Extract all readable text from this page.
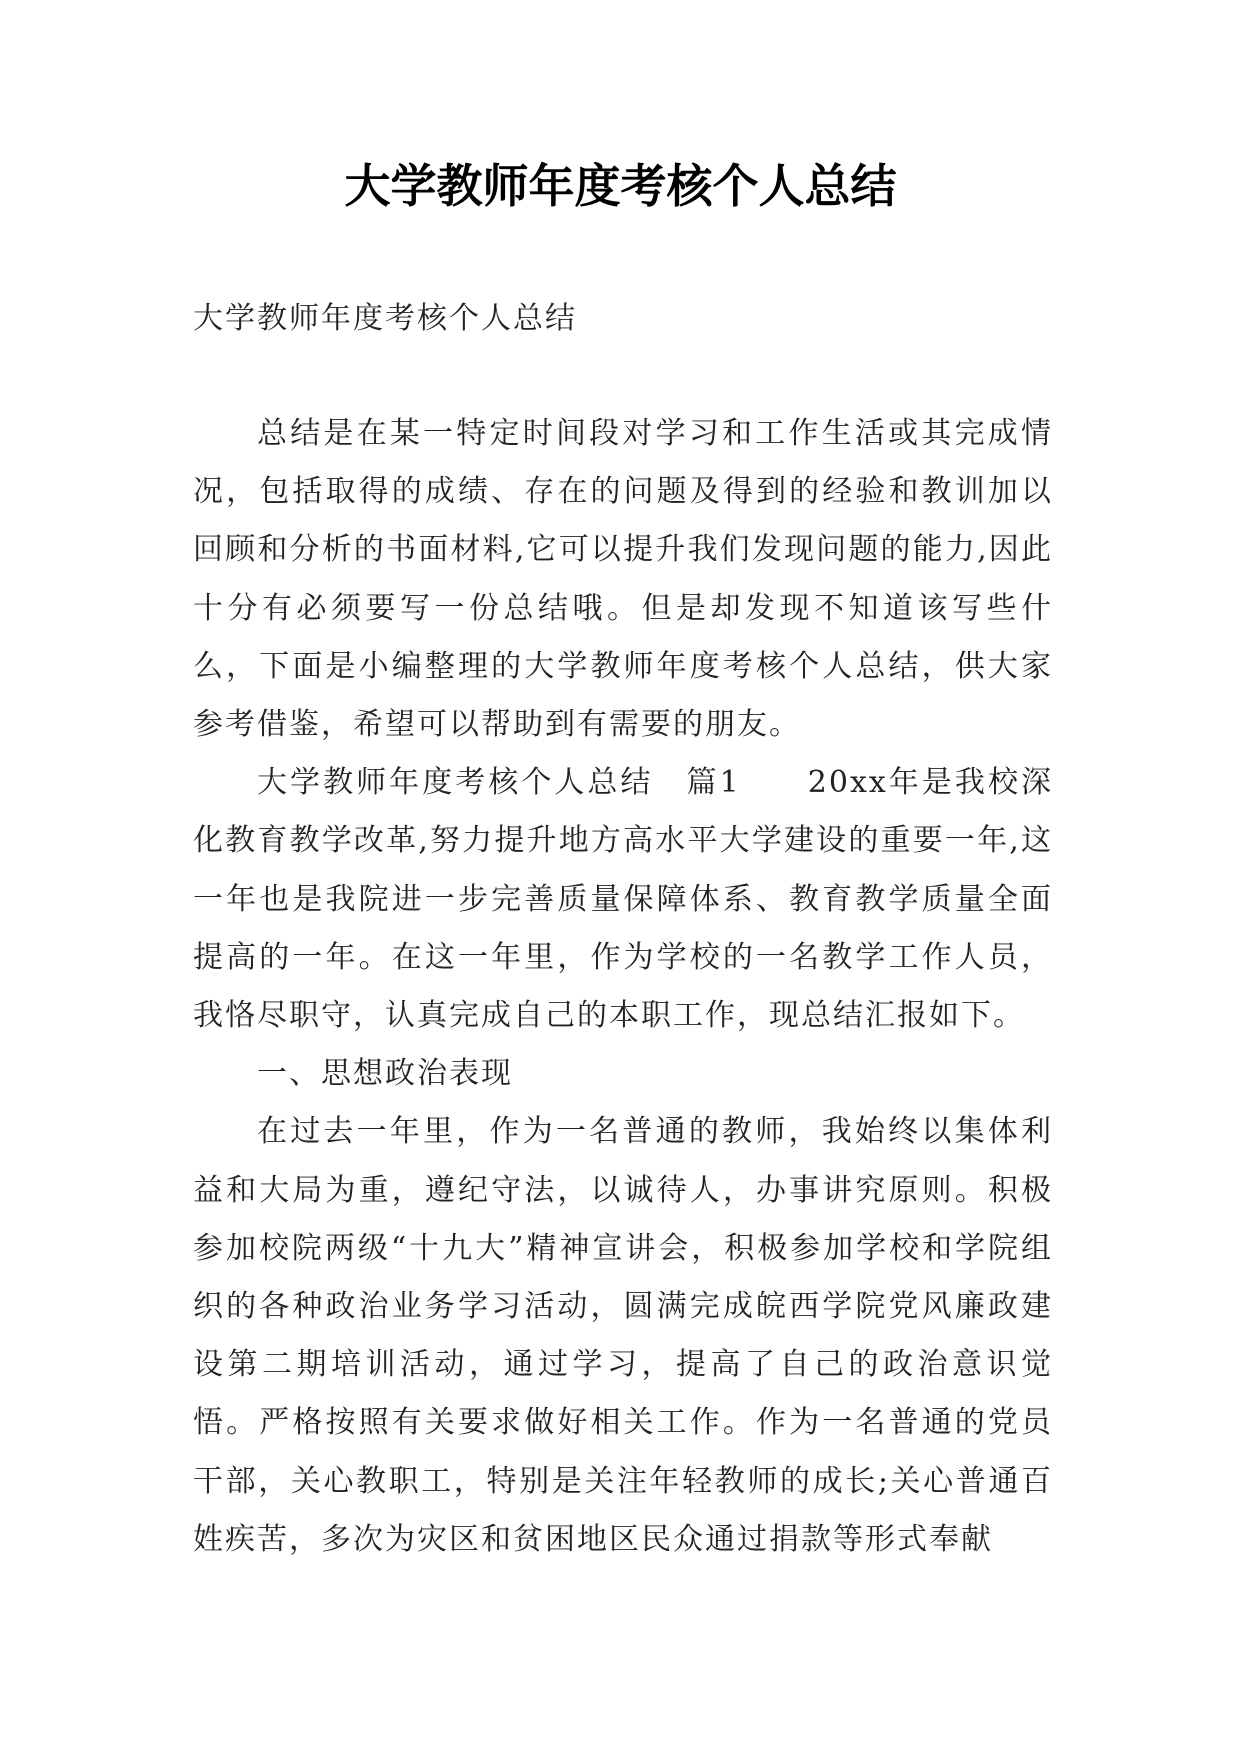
大学教师年度考核个人总结
大学教师年度考核个人总结

总结是在某一特定时间段对学习和工作生活或其完成情况，包括取得的成绩、存在的问题及得到的经验和教训加以回顾和分析的书面材料,它可以提升我们发现问题的能力,因此十分有必须要写一份总结哦。但是却发现不知道该写些什么，下面是小编整理的大学教师年度考核个人总结，供大家参考借鉴，希望可以帮助到有需要的朋友。

大学教师年度考核个人总结　篇1　　20xx年是我校深化教育教学改革,努力提升地方高水平大学建设的重要一年,这一年也是我院进一步完善质量保障体系、教育教学质量全面提高的一年。在这一年里，作为学校的一名教学工作人员，我恪尽职守，认真完成自己的本职工作，现总结汇报如下。

一、思想政治表现

在过去一年里，作为一名普通的教师，我始终以集体利益和大局为重，遵纪守法，以诚待人，办事讲究原则。积极参加校院两级“十九大”精神宣讲会，积极参加学校和学院组织的各种政治业务学习活动，圆满完成皖西学院党风廉政建设第二期培训活动，通过学习，提高了自己的政治意识觉悟。严格按照有关要求做好相关工作。作为一名普通的党员干部，关心教职工，特别是关注年轻教师的成长;关心普通百姓疾苦，多次为灾区和贫困地区民众通过捐款等形式奉献
